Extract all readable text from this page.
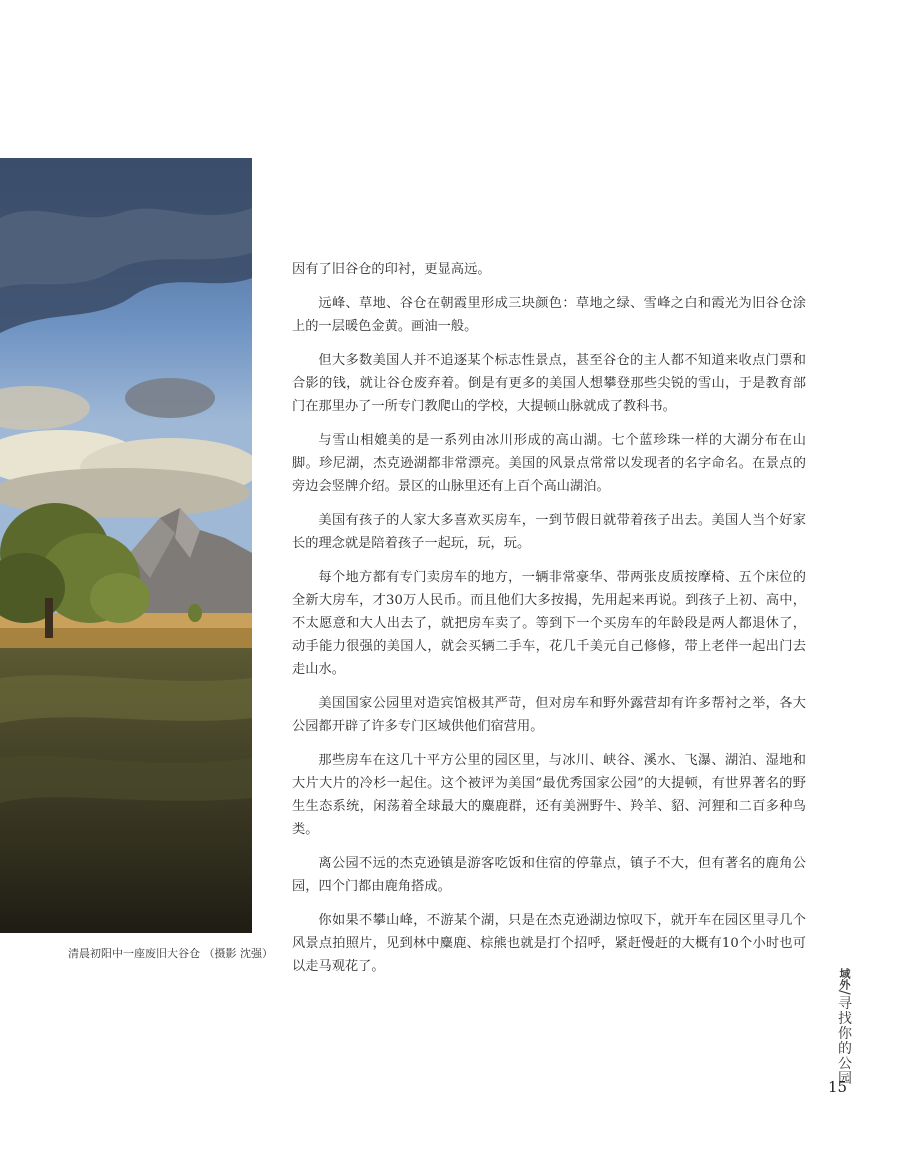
清晨初阳中一座废旧大谷仓 （摄影 沈强）

因有了旧谷仓的印衬，更显高远。

远峰、草地、谷仓在朝霞里形成三块颜色：草地之绿、雪峰之白和霞光为旧谷仓涂上的一层暖色金黄。画油一般。

但大多数美国人并不追逐某个标志性景点，甚至谷仓的主人都不知道来收点门票和合影的钱，就让谷仓废弃着。倒是有更多的美国人想攀登那些尖锐的雪山，于是教育部门在那里办了一所专门教爬山的学校，大提顿山脉就成了教科书。

与雪山相媲美的是一系列由冰川形成的高山湖。七个蓝珍珠一样的大湖分布在山脚。珍尼湖，杰克逊湖都非常漂亮。美国的风景点常常以发现者的名字命名。在景点的旁边会竖牌介绍。景区的山脉里还有上百个高山湖泊。

美国有孩子的人家大多喜欢买房车，一到节假日就带着孩子出去。美国人当个好家长的理念就是陪着孩子一起玩，玩，玩。

每个地方都有专门卖房车的地方，一辆非常豪华、带两张皮质按摩椅、五个床位的全新大房车，才30万人民币。而且他们大多按揭，先用起来再说。到孩子上初、高中，不太愿意和大人出去了，就把房车卖了。等到下一个买房车的年龄段是两人都退休了，动手能力很强的美国人，就会买辆二手车，花几千美元自己修修，带上老伴一起出门去走山水。

美国国家公园里对造宾馆极其严苛，但对房车和野外露营却有许多帮衬之举，各大公园都开辟了许多专门区域供他们宿营用。

那些房车在这几十平方公里的园区里，与冰川、峡谷、溪水、飞瀑、湖泊、湿地和大片大片的冷杉一起住。这个被评为美国“最优秀国家公园”的大提顿，有世界著名的野生生态系统，闲荡着全球最大的麋鹿群，还有美洲野牛、羚羊、貂、河狸和二百多种鸟类。

离公园不远的杰克逊镇是游客吃饭和住宿的停靠点，镇子不大，但有著名的鹿角公园，四个门都由鹿角搭成。

你如果不攀山峰，不游某个湖，只是在杰克逊湖边惊叹下，就开车在园区里寻几个风景点拍照片，见到林中麋鹿、棕熊也就是打个招呼，紧赶慢赶的大概有10个小时也可以走马观花了。

域外/寻找你的公园
15
